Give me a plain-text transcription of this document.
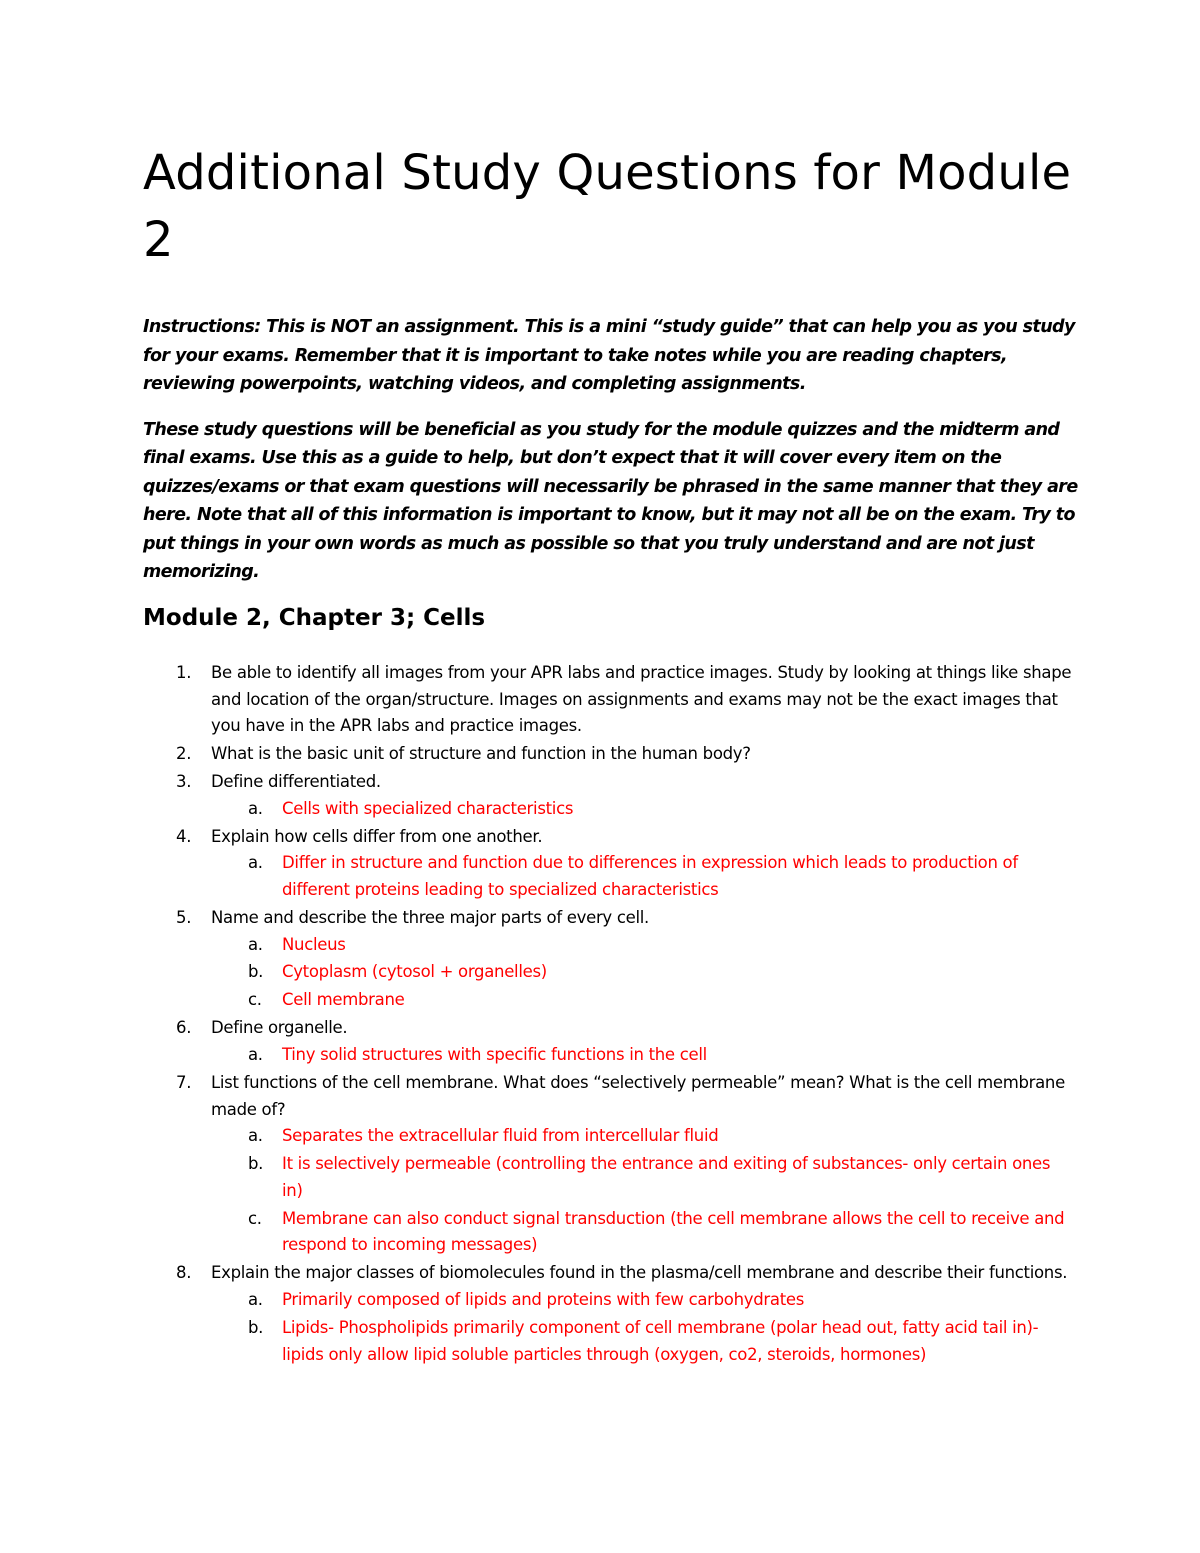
Additional Study Questions for Module 2

Instructions: This is NOT an assignment. This is a mini “study guide” that can help you as you study for your exams. Remember that it is important to take notes while you are reading chapters, reviewing powerpoints, watching videos, and completing assignments.

These study questions will be beneficial as you study for the module quizzes and the midterm and final exams. Use this as a guide to help, but don’t expect that it will cover every item on the quizzes/exams or that exam questions will necessarily be phrased in the same manner that they are here. Note that all of this information is important to know, but it may not all be on the exam. Try to put things in your own words as much as possible so that you truly understand and are not just memorizing.

Module 2, Chapter 3; Cells
1. Be able to identify all images from your APR labs and practice images. Study by looking at things like shape and location of the organ/structure. Images on assignments and exams may not be the exact images that you have in the APR labs and practice images.
2. What is the basic unit of structure and function in the human body?
3. Define differentiated.
a. Cells with specialized characteristics
4. Explain how cells differ from one another.
a. Differ in structure and function due to differences in expression which leads to production of different proteins leading to specialized characteristics
5. Name and describe the three major parts of every cell.
a. Nucleus
b. Cytoplasm (cytosol + organelles)
c. Cell membrane
6. Define organelle.
a. Tiny solid structures with specific functions in the cell
7. List functions of the cell membrane. What does “selectively permeable” mean? What is the cell membrane made of?
a. Separates the extracellular fluid from intercellular fluid
b. It is selectively permeable (controlling the entrance and exiting of substances- only certain ones in)
c. Membrane can also conduct signal transduction (the cell membrane allows the cell to receive and respond to incoming messages)
8. Explain the major classes of biomolecules found in the plasma/cell membrane and describe their functions.
a. Primarily composed of lipids and proteins with few carbohydrates
b. Lipids- Phospholipids primarily component of cell membrane (polar head out, fatty acid tail in)- lipids only allow lipid soluble particles through (oxygen, co2, steroids, hormones)
